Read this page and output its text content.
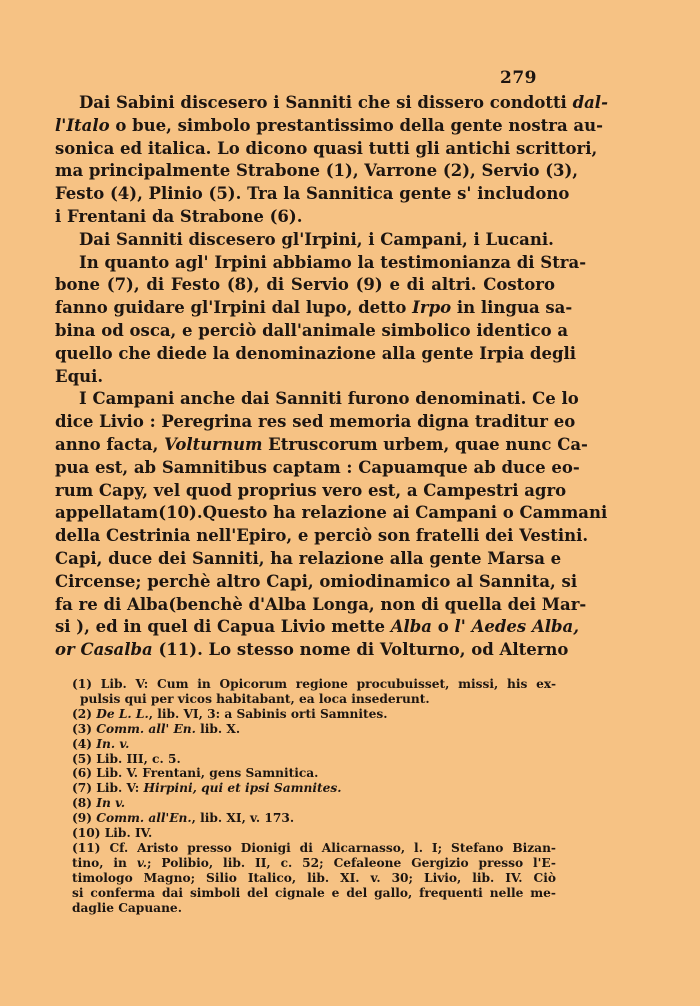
279
Dai Sabini discesero i Sanniti che si dissero condotti dal-
l'Italo o bue, simbolo prestantissimo della gente nostra au-
sonica ed italica. Lo dicono quasi tutti gli antichi scrittori,
ma principalmente Strabone (1), Varrone (2), Servio (3),
Festo (4), Plinio (5). Tra la Sannitica gente s' includono
i Frentani da Strabone (6).
Dai Sanniti discesero gl'Irpini, i Campani, i Lucani.
In quanto agl' Irpini abbiamo la testimonianza di Stra-
bone (7), di Festo (8), di Servio (9) e di altri. Costoro
fanno guidare gl'Irpini dal lupo, detto Irpo in lingua sa-
bina od osca, e perciò dall'animale simbolico identico a
quello che diede la denominazione alla gente Irpia degli
Equi.
I Campani anche dai Sanniti furono denominati. Ce lo
dice Livio : Peregrina res sed memoria digna traditur eo
anno facta, Volturnum Etruscorum urbem, quae nunc Ca-
pua est, ab Samnitibus captam : Capuamque ab duce eo-
rum Capy, vel quod proprius vero est, a Campestri agro
appellatam(10).Questo ha relazione ai Campani o Cammani
della Cestrinia nell'Epiro, e perciò son fratelli dei Vestini.
Capi, duce dei Sanniti, ha relazione alla gente Marsa e
Circense; perchè altro Capi, omiodinamico al Sannita, si
fa re di Alba(benchè d'Alba Longa, non di quella dei Mar-
si ), ed in quel di Capua Livio mette Alba o l' Aedes Alba,
or Casalba (11). Lo stesso nome di Volturno, od Alterno
(1) Lib. V: Cum in Opicorum regione procubuisset, missi, his ex-
pulsis qui per vicos habitabant, ea loca insederunt.
(2) De L. L., lib. VI, 3: a Sabinis orti Samnites.
(3) Comm. all' En. lib. X.
(4) In. v.
(5) Lib. III, c. 5.
(6) Lib. V. Frentani, gens Samnitica.
(7) Lib. V: Hirpini, qui et ipsi Samnites.
(8) In v.
(9) Comm. all'En., lib. XI, v. 173.
(10) Lib. IV.
(11) Cf. Aristo presso Dionigi di Alicarnasso, l. I; Stefano Bizan-
tino, in v.; Polibio, lib. II, c. 52; Cefaleone Gergizio presso l'E-
timologo Magno; Silio Italico, lib. XI. v. 30; Livio, lib. IV. Ciò
si conferma dai simboli del cignale e del gallo, frequenti nelle me-
daglie Capuane.
